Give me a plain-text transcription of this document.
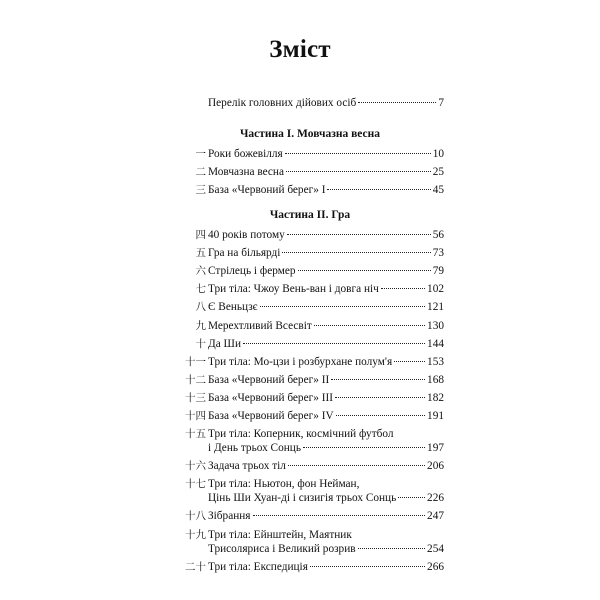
Зміст
Перелік головних дійових осіб	7
Частина I. Мовчазна весна
一 Роки божевілля	10
二 Мовчазна весна	25
三 База «Червоний берег» I	45
Частина II. Гра
四 40 років потому	56
五 Гра на більярді	73
六 Стрілець і фермер	79
七 Три тіла: Чжоу Вень-ван і довга ніч	102
八 Є Веньцзє	121
九 Мерехтливий Всесвіт	130
十 Да Ши	144
十一 Три тіла: Мо-цзи і розбурхане полум'я	153
十二 База «Червоний берег» II	168
十三 База «Червоний берег» III	182
十四 База «Червоний берег» IV	191
十五 Три тіла: Коперник, космічний футбол
і День трьох Сонць	197
十六 Задача трьох тіл	206
十七 Три тіла: Ньютон, фон Нейман,
Цінь Ши Хуан-ді і сизигія трьох Сонць	226
十八 Зібрання	247
十九 Три тіла: Ейнштейн, Маятник
Трисоляриса і Великий розрив	254
二十 Три тіла: Експедиція	266
